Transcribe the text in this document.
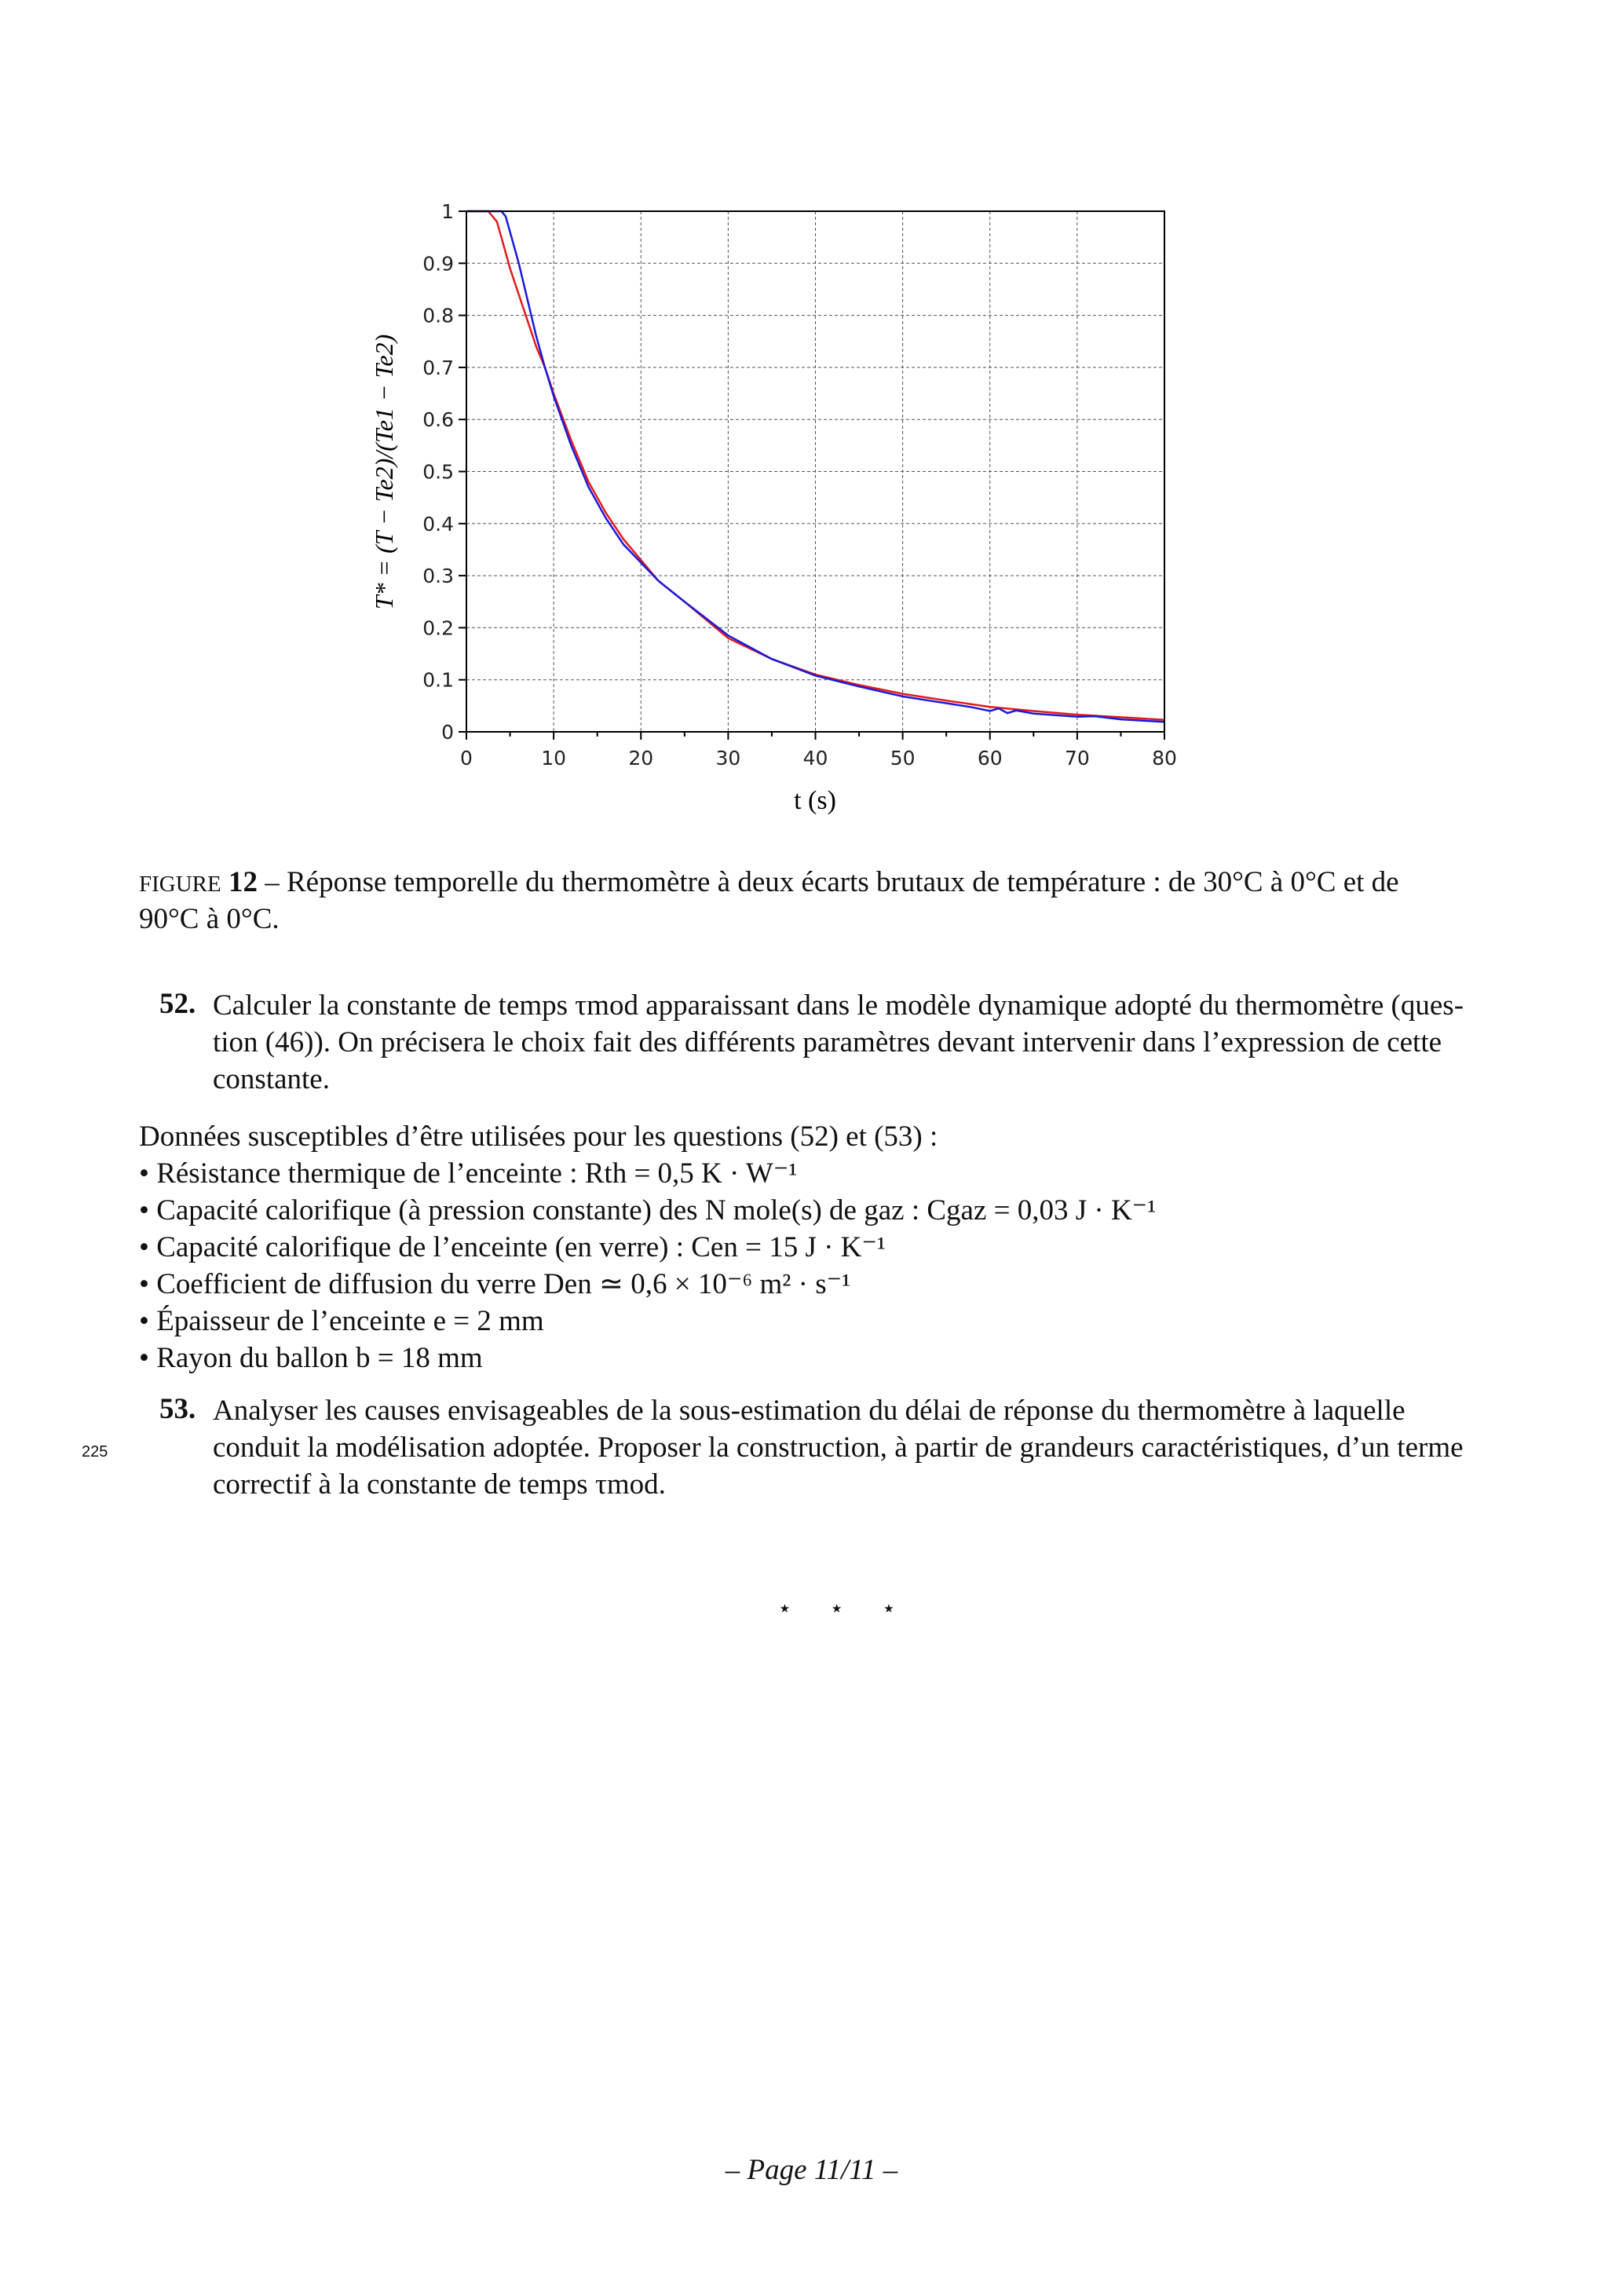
0	10	20	30	40	50	60	70	80
0
0.1
0.2
0.3
0.4
0.5
0.6
0.7
0.8
0.9
1
T* = (T − Te2)/(Te1 − Te2)
t (s)
FIGURE 12 – Réponse temporelle du thermomètre à deux écarts brutaux de température : de 30°C à 0°C et de
90°C à 0°C.
52. Calculer la constante de temps τmod apparaissant dans le modèle dynamique adopté du thermomètre (ques-
tion (46)). On précisera le choix fait des différents paramètres devant intervenir dans l’expression de cette
constante.
Données susceptibles d’être utilisées pour les questions (52) et (53) :
• Résistance thermique de l’enceinte : Rth = 0,5 K · W⁻¹
• Capacité calorifique (à pression constante) des N mole(s) de gaz : Cgaz = 0,03 J · K⁻¹
• Capacité calorifique de l’enceinte (en verre) : Cen = 15 J · K⁻¹
• Coefficient de diffusion du verre Den ≃ 0,6 × 10⁻⁶ m² · s⁻¹
• Épaisseur de l’enceinte e = 2 mm
• Rayon du ballon b = 18 mm
53. Analyser les causes envisageables de la sous-estimation du délai de réponse du thermomètre à laquelle
conduit la modélisation adoptée. Proposer la construction, à partir de grandeurs caractéristiques, d’un terme
correctif à la constante de temps τmod.
225
⋆ ⋆ ⋆
– Page 11/11 –
